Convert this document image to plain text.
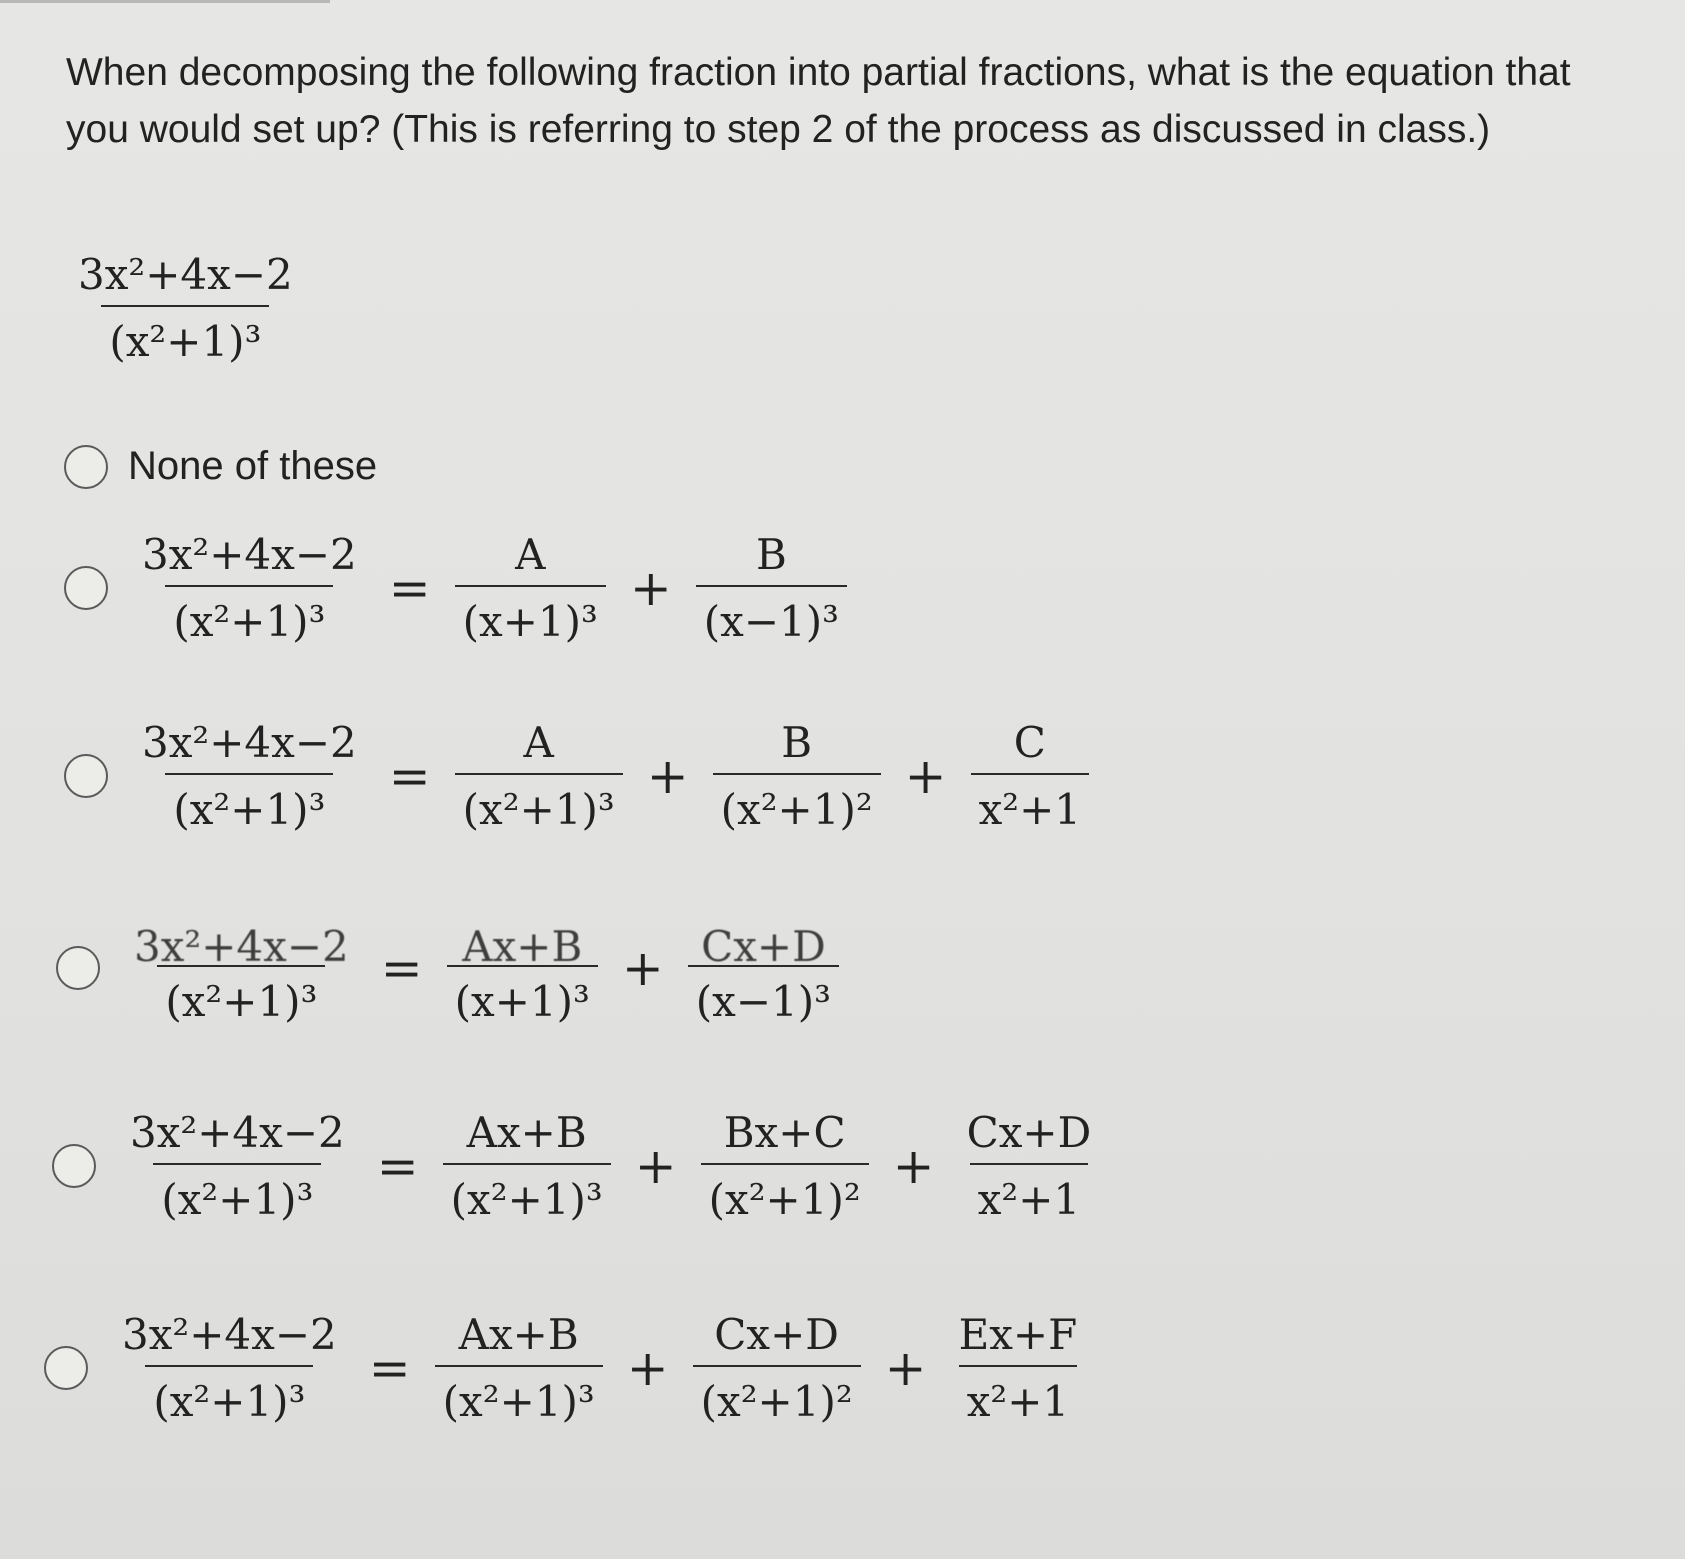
When decomposing the following fraction into partial fractions, what is the equation that you would set up? (This is referring to step 2 of the process as discussed in class.)
$\frac{\text{3x²+4x−2}}{\text{(x²+1)³}}$
None of these
$\frac{\text{3x²+4x−2}}{\text{(x²+1)³}} = \frac{A}{\text{(x+1)³}} + \frac{B}{\text{(x−1)³}}$
$\frac{\text{3x²+4x−2}}{\text{(x²+1)³}} = \frac{A}{\text{(x²+1)³}} + \frac{B}{\text{(x²+1)²}} + \frac{C}{\text{x²+1}}$
$\frac{\text{3x²+4x−2}}{\text{(x²+1)³}} = \frac{Ax+B}{\text{(x+1)³}} + \frac{Cx+D}{\text{(x−1)³}}$
$\frac{\text{3x²+4x−2}}{\text{(x²+1)³}} = \frac{Ax+B}{\text{(x²+1)³}} + \frac{Bx+C}{\text{(x²+1)²}} + \frac{Cx+D}{\text{x²+1}}$
$\frac{\text{3x²+4x−2}}{\text{(x²+1)³}} = \frac{Ax+B}{\text{(x²+1)³}} + \frac{Cx+D}{\text{(x²+1)²}} + \frac{Ex+F}{\text{x²+1}}$
